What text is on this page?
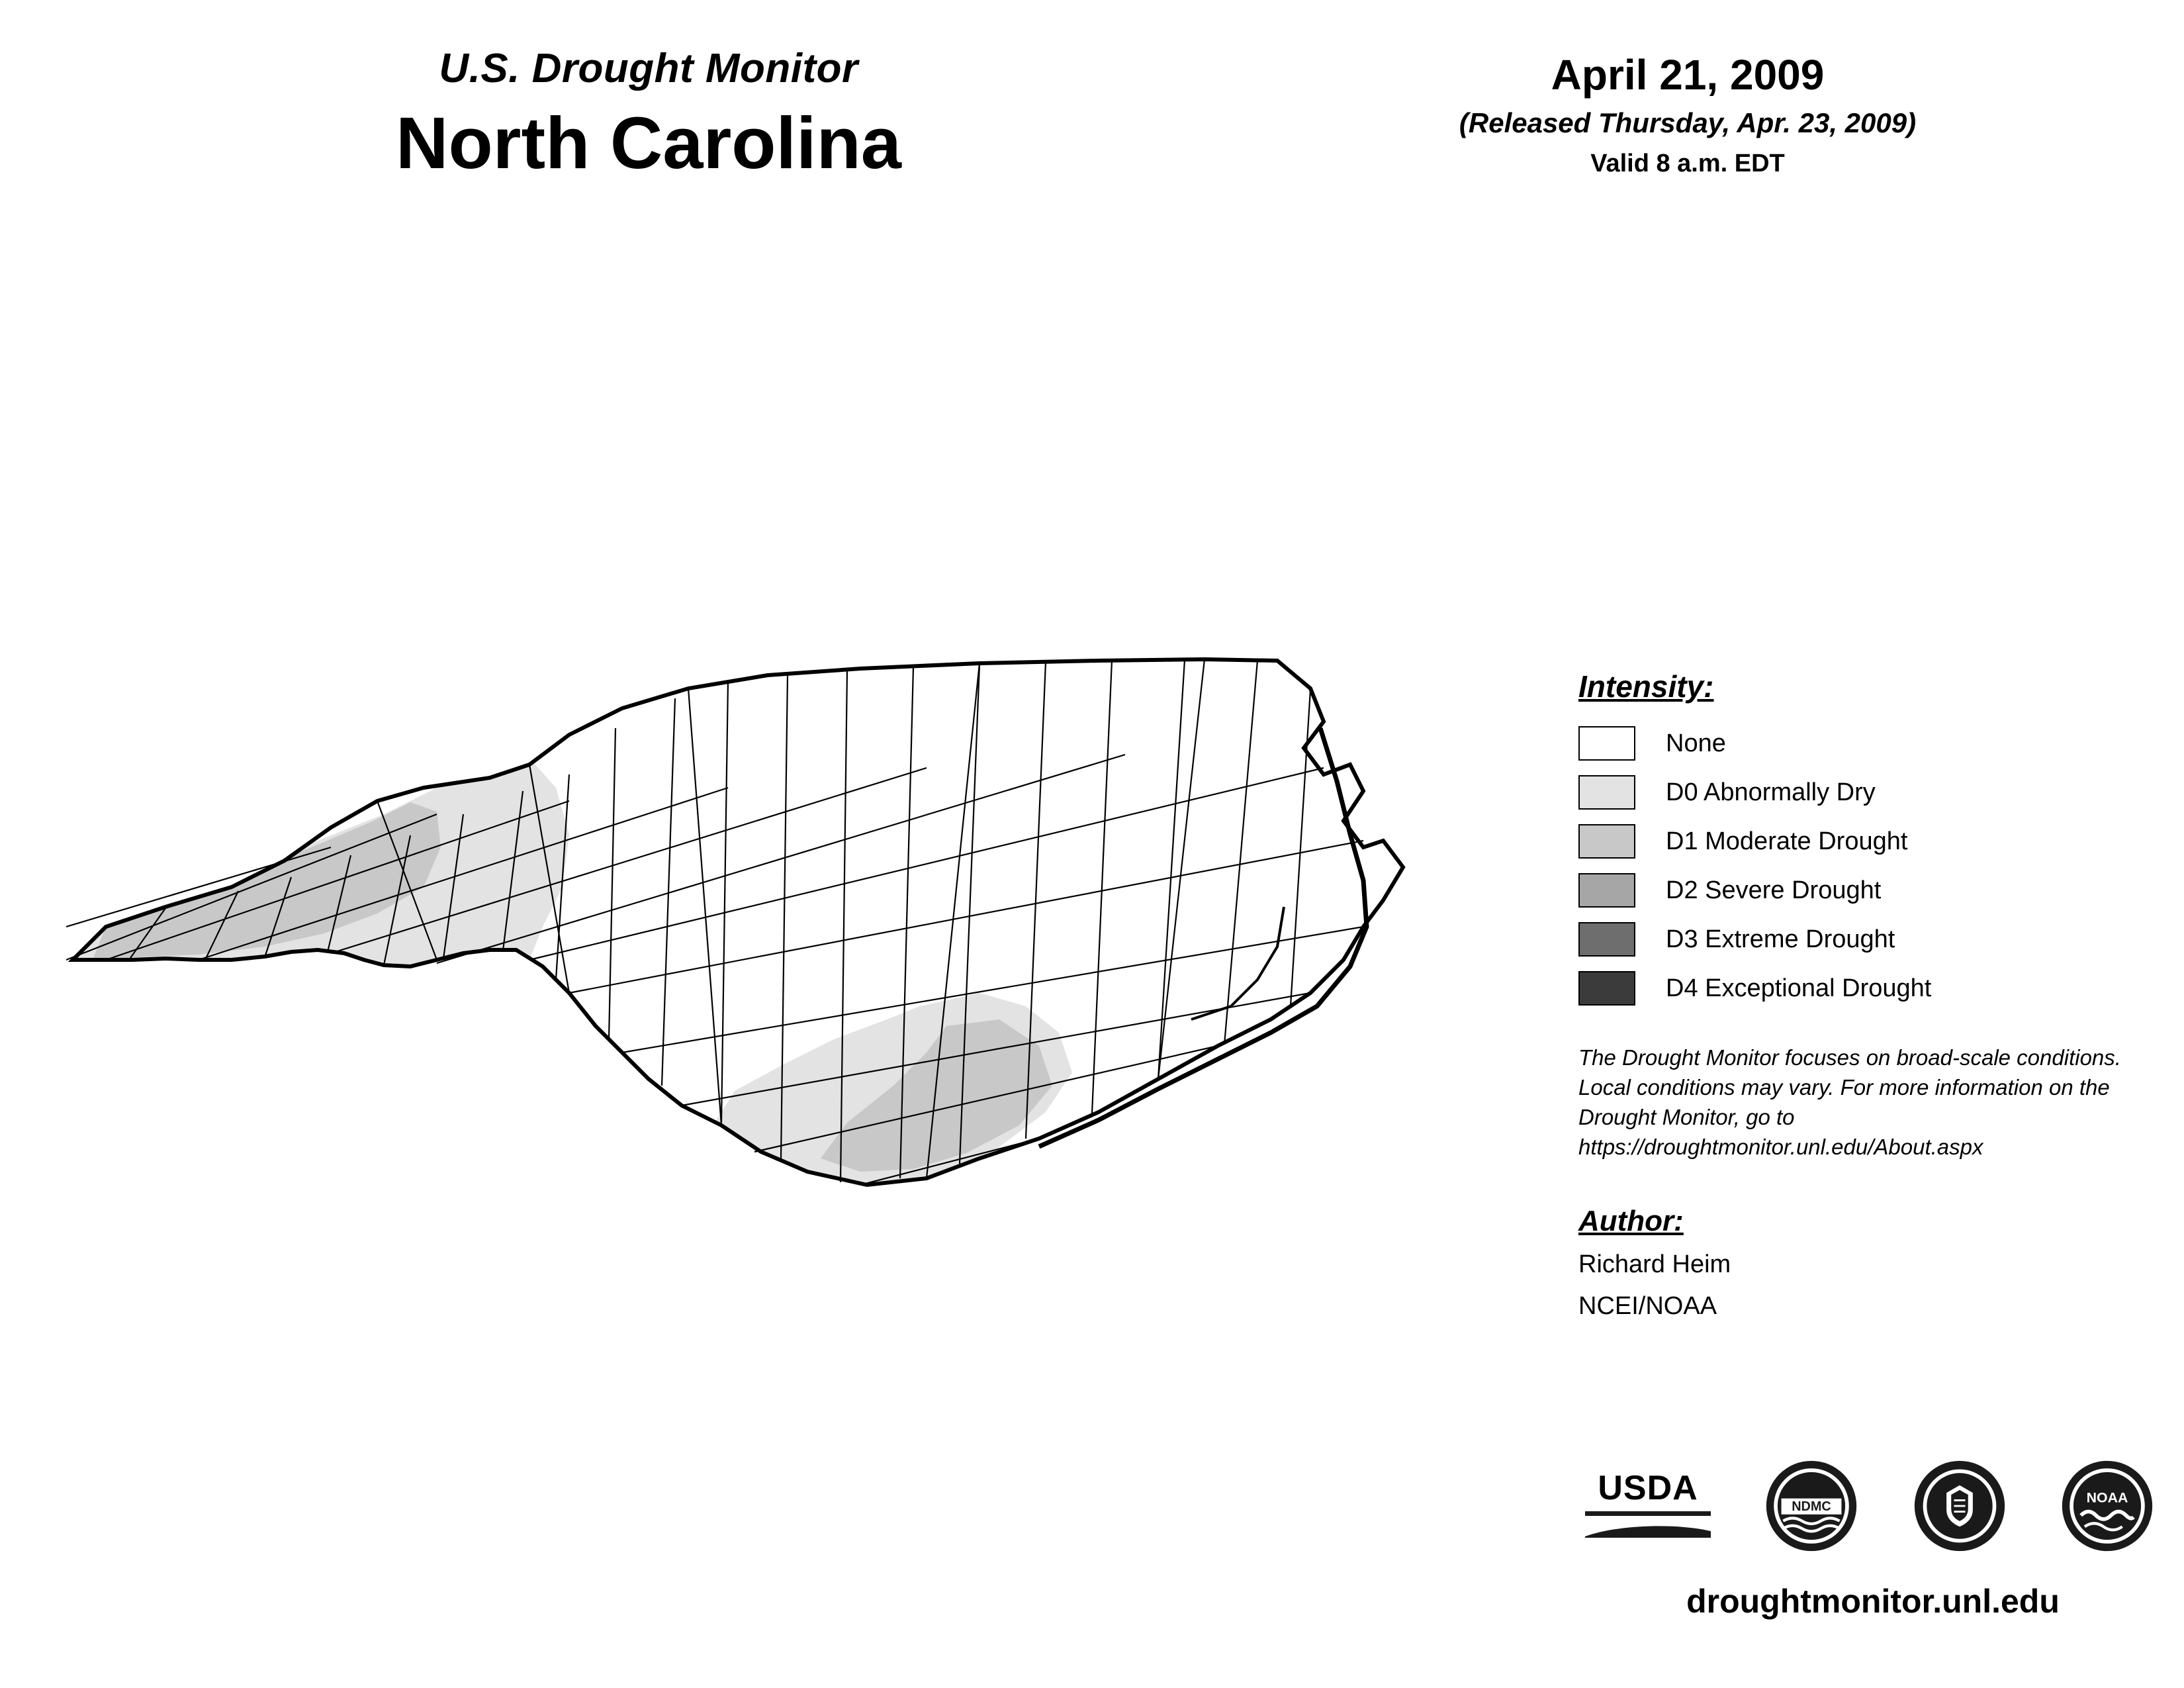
U.S. Drought Monitor
North Carolina
April 21, 2009
(Released Thursday, Apr. 23, 2009)
Valid 8 a.m. EDT
Intensity:
None
D0 Abnormally Dry
D1 Moderate Drought
D2 Severe Drought
D3 Extreme Drought
D4 Exceptional Drought
The Drought Monitor focuses on broad-scale conditions. Local conditions may vary. For more information on the Drought Monitor, go to https://droughtmonitor.unl.edu/About.aspx
Author:
Richard Heim
NCEI/NOAA
USDA	NDMC
NOAA
droughtmonitor.unl.edu
